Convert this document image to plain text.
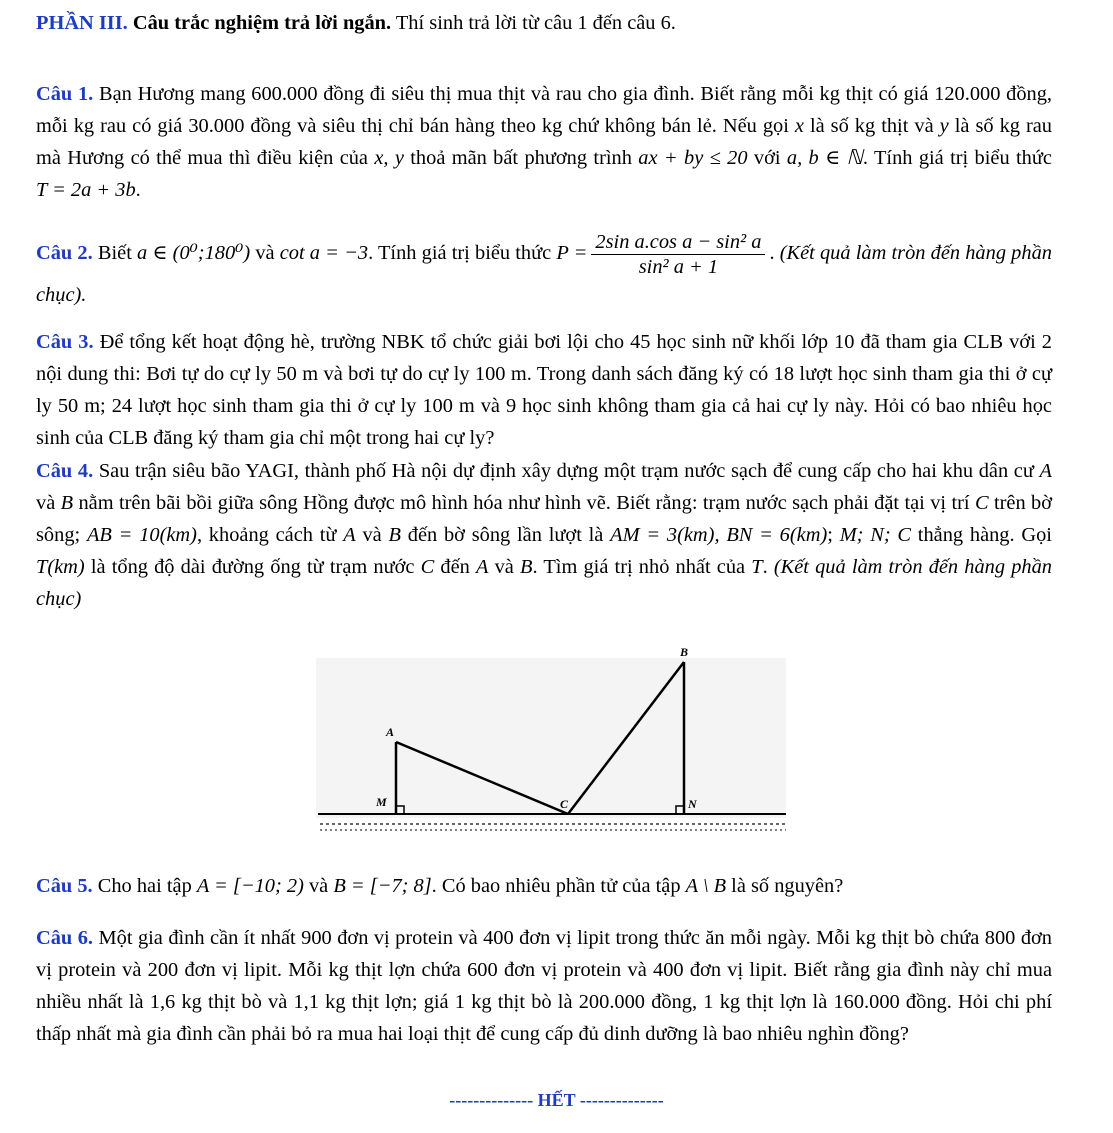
PHẦN III. Câu trắc nghiệm trả lời ngắn. Thí sinh trả lời từ câu 1 đến câu 6.

Câu 1. Bạn Hương mang 600.000 đồng đi siêu thị mua thịt và rau cho gia đình. Biết rằng mỗi kg thịt có giá 120.000 đồng, mỗi kg rau có giá 30.000 đồng và siêu thị chỉ bán hàng theo kg chứ không bán lẻ. Nếu gọi x là số kg thịt và y là số kg rau mà Hương có thể mua thì điều kiện của x, y thoả mãn bất phương trình ax + by ≤ 20 với a, b ∈ ℕ. Tính giá trị biểu thức T = 2a + 3b.

Câu 2. Biết a ∈ (0⁰;180⁰) và cot a = −3. Tính giá trị biểu thức $P = \frac{\text{2sin a.cos a − sin² a}}{\text{sin² a + 1}}$ . (Kết quả làm tròn đến hàng phần chục).

Câu 3. Để tổng kết hoạt động hè, trường NBK tổ chức giải bơi lội cho 45 học sinh nữ khối lớp 10 đã tham gia CLB với 2 nội dung thi: Bơi tự do cự ly 50 m và bơi tự do cự ly 100 m. Trong danh sách đăng ký có 18 lượt học sinh tham gia thi ở cự ly 50 m; 24 lượt học sinh tham gia thi ở cự ly 100 m và 9 học sinh không tham gia cả hai cự ly này. Hỏi có bao nhiêu học sinh của CLB đăng ký tham gia chỉ một trong hai cự ly?

Câu 4. Sau trận siêu bão YAGI, thành phố Hà nội dự định xây dựng một trạm nước sạch để cung cấp cho hai khu dân cư A và B nằm trên bãi bồi giữa sông Hồng được mô hình hóa như hình vẽ. Biết rằng: trạm nước sạch phải đặt tại vị trí C trên bờ sông; AB = 10(km), khoảng cách từ A và B đến bờ sông lần lượt là AM = 3(km), BN = 6(km); M; N; C thẳng hàng. Gọi T(km) là tổng độ dài đường ống từ trạm nước C đến A và B. Tìm giá trị nhỏ nhất của T. (Kết quả làm tròn đến hàng phần chục)

A
B
C
M	N

Câu 5. Cho hai tập A = [−10; 2) và B = [−7; 8]. Có bao nhiêu phần tử của tập A \ B là số nguyên?

Câu 6. Một gia đình cần ít nhất 900 đơn vị protein và 400 đơn vị lipit trong thức ăn mỗi ngày. Mỗi kg thịt bò chứa 800 đơn vị protein và 200 đơn vị lipit. Mỗi kg thịt lợn chứa 600 đơn vị protein và 400 đơn vị lipit. Biết rằng gia đình này chỉ mua nhiều nhất là 1,6 kg thịt bò và 1,1 kg thịt lợn; giá 1 kg thịt bò là 200.000 đồng, 1 kg thịt lợn là 160.000 đồng. Hỏi chi phí thấp nhất mà gia đình cần phải bỏ ra mua hai loại thịt để cung cấp đủ dinh dưỡng là bao nhiêu nghìn đồng?

-------------- HẾT --------------
